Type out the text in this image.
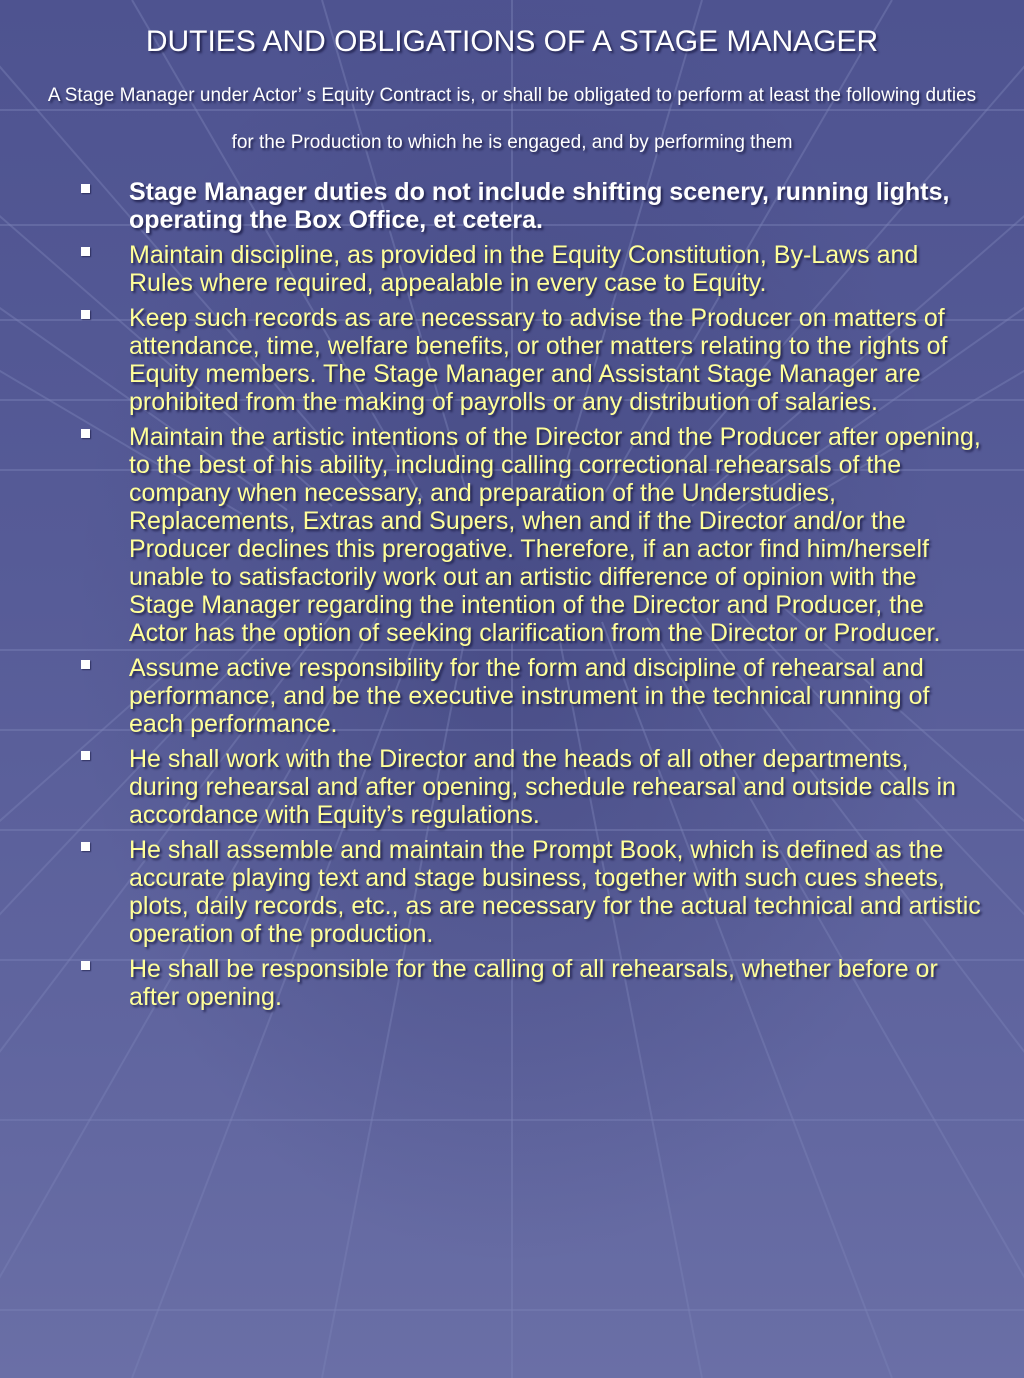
DUTIES AND OBLIGATIONS OF A STAGE MANAGER
A Stage Manager under Actor’ s Equity Contract is, or shall be obligated to perform at least the following duties for the Production to which he is engaged, and by performing them
Stage Manager duties do not include shifting scenery, running lights, operating the Box Office, et cetera.
Maintain discipline, as provided in the Equity Constitution, By-Laws and Rules where required, appealable in every case to Equity.
Keep such records as are necessary to advise the Producer on matters of attendance, time, welfare benefits, or other matters relating to the rights of Equity members. The Stage Manager and Assistant Stage Manager are prohibited from the making of payrolls or any distribution of salaries.
Maintain the artistic intentions of the Director and the Producer after opening, to the best of his ability, including calling correctional rehearsals of the company when necessary, and preparation of the Understudies, Replacements, Extras and Supers, when and if the Director and/or the Producer declines this prerogative. Therefore, if an actor find him/herself unable to satisfactorily work out an artistic difference of opinion with the Stage Manager regarding the intention of the Director and Producer, the Actor has the option of seeking clarification from the Director or Producer.
Assume active responsibility for the form and discipline of rehearsal and performance, and be the executive instrument in the technical running of each performance.
He shall work with the Director and the heads of all other departments, during rehearsal and after opening, schedule rehearsal and outside calls in accordance with Equity’s regulations.
He shall assemble and maintain the Prompt Book, which is defined as the accurate playing text and stage business, together with such cues sheets, plots, daily records, etc., as are necessary for the actual technical and artistic operation of the production.
He shall be responsible for the calling of all rehearsals, whether before or after opening.
